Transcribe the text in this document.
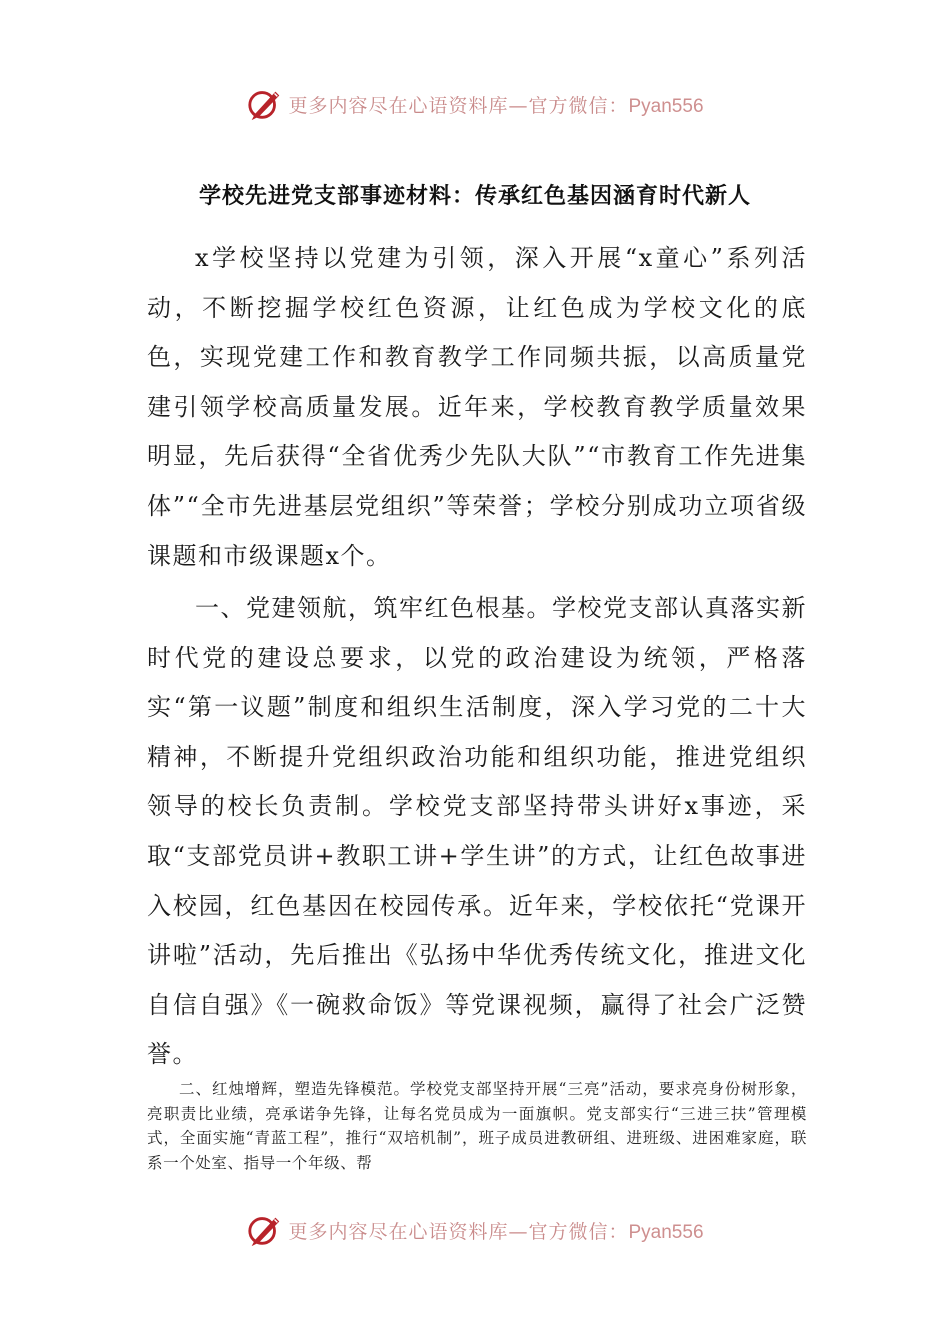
更多内容尽在心语资料库—官方微信：Pyan556
学校先进党支部事迹材料：传承红色基因涵育时代新人

x学校坚持以党建为引领，深入开展“x童心”系列活动，不断挖掘学校红色资源，让红色成为学校文化的底色，实现党建工作和教育教学工作同频共振，以高质量党建引领学校高质量发展。近年来，学校教育教学质量效果明显，先后获得“全省优秀少先队大队”“市教育工作先进集体”“全市先进基层党组织”等荣誉；学校分别成功立项省级课题和市级课题x个。

一、党建领航，筑牢红色根基。学校党支部认真落实新时代党的建设总要求，以党的政治建设为统领，严格落实“第一议题”制度和组织生活制度，深入学习党的二十大精神，不断提升党组织政治功能和组织功能，推进党组织领导的校长负责制。学校党支部坚持带头讲好x事迹，采取“支部党员讲+教职工讲+学生讲”的方式，让红色故事进入校园，红色基因在校园传承。近年来，学校依托“党课开讲啦”活动，先后推出《弘扬中华优秀传统文化，推进文化自信自强》《一碗救命饭》等党课视频，赢得了社会广泛赞誉。

二、红烛增辉，塑造先锋模范。学校党支部坚持开展“三亮”活动，要求亮身份树形象，亮职责比业绩，亮承诺争先锋，让每名党员成为一面旗帜。党支部实行“三进三扶”管理模式，全面实施“青蓝工程”，推行“双培机制”，班子成员进教研组、进班级、进困难家庭，联系一个处室、指导一个年级、帮

更多内容尽在心语资料库—官方微信：Pyan556
